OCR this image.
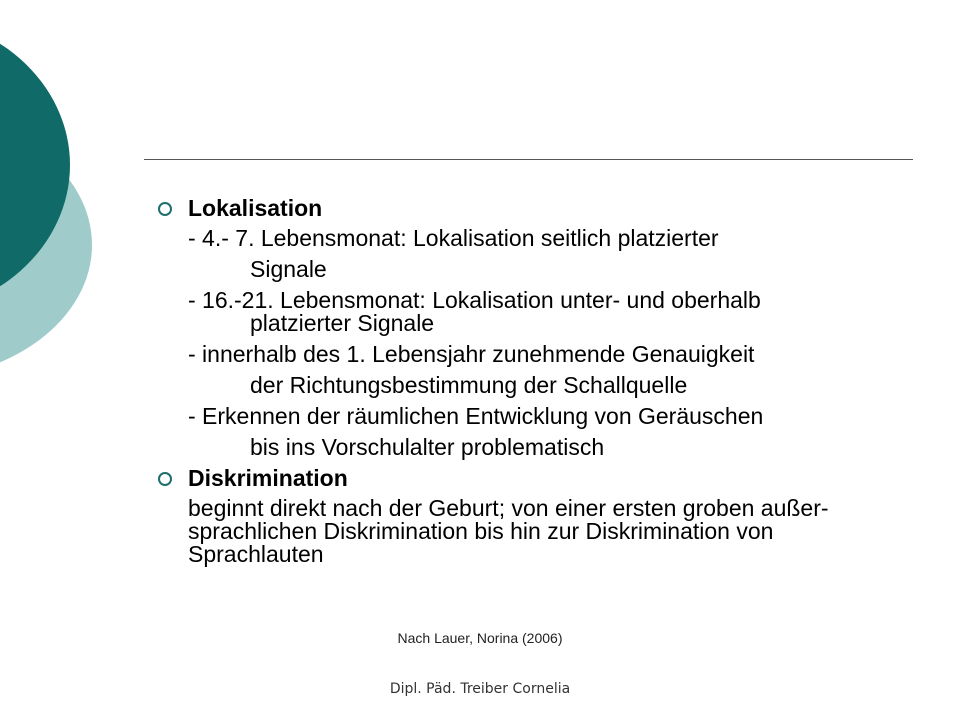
Lokalisation
- 4.- 7. Lebensmonat: Lokalisation seitlich platzierter
Signale
- 16.-21. Lebensmonat: Lokalisation unter- und oberhalb
platzierter Signale
- innerhalb des 1. Lebensjahr zunehmende Genauigkeit
der Richtungsbestimmung der Schallquelle
- Erkennen der räumlichen Entwicklung von Geräuschen
bis ins Vorschulalter problematisch
Diskrimination
beginnt direkt nach der Geburt; von einer ersten groben außer-
sprachlichen Diskrimination bis hin zur Diskrimination von
Sprachlauten
Nach Lauer, Norina (2006)
Dipl. Päd. Treiber Cornelia
